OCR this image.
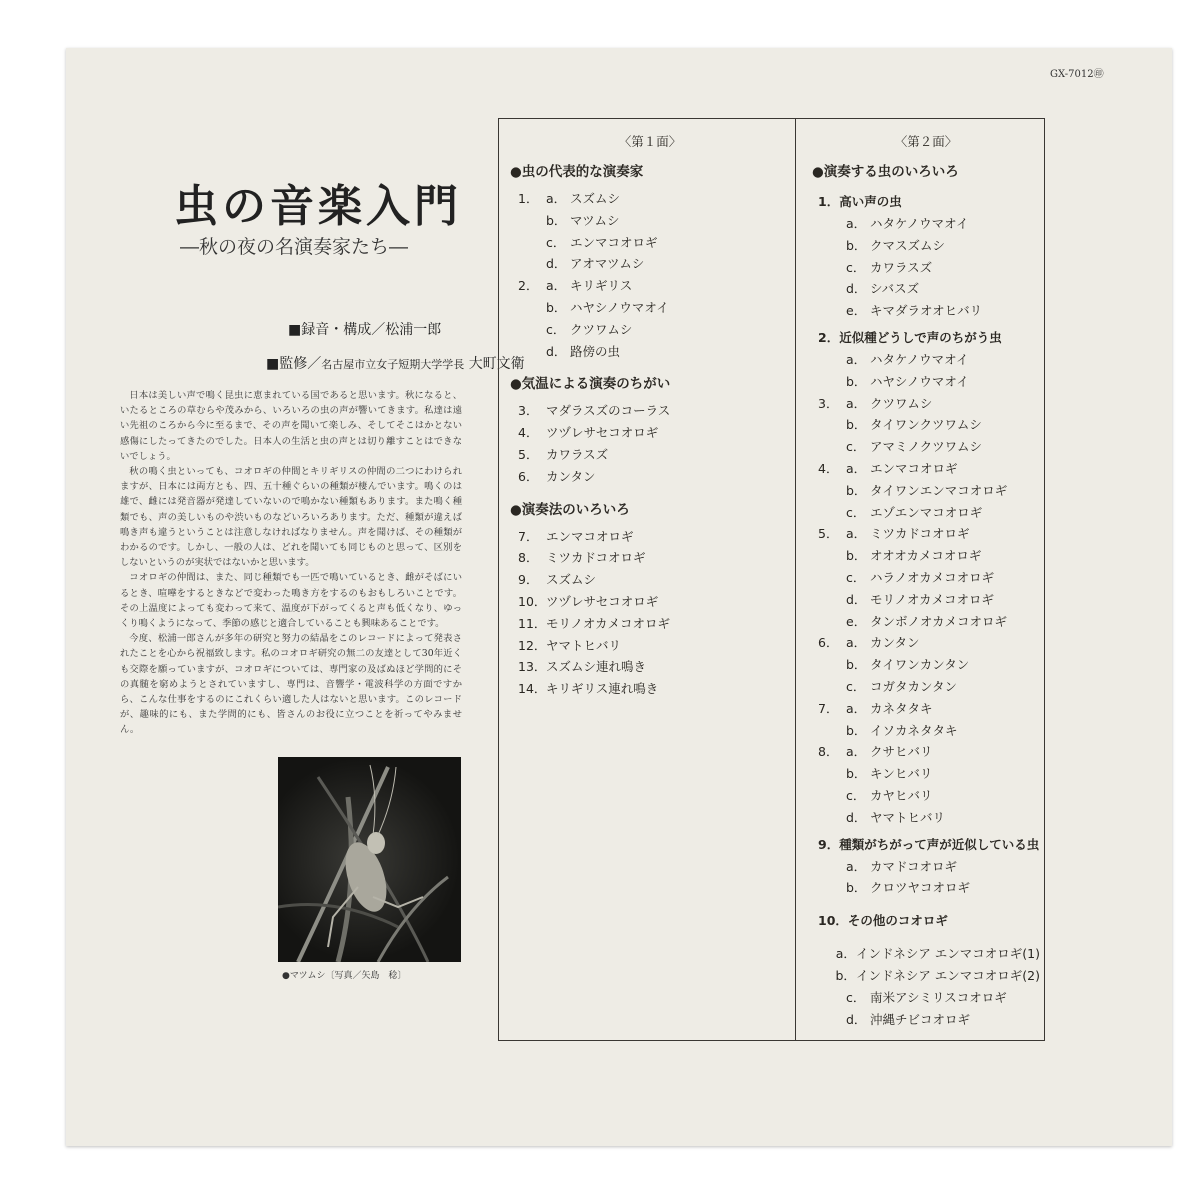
GX-7012㊞
虫の音楽入門
―秋の夜の名演奏家たち―
■録音・構成／松浦一郎
■監修／名古屋市立女子短期大学学長 大町文衛

日本は美しい声で鳴く昆虫に恵まれている国であると思います。秋になると、いたるところの草むらや茂みから、いろいろの虫の声が響いてきます。私達は遠い先祖のころから今に至るまで、その声を聞いて楽しみ、そしてそこはかとない感傷にしたってきたのでした。日本人の生活と虫の声とは切り離すことはできないでしょう。

秋の鳴く虫といっても、コオロギの仲間とキリギリスの仲間の二つにわけられますが、日本には両方とも、四、五十種ぐらいの種類が棲んでいます。鳴くのは雄で、雌には発音器が発達していないので鳴かない種類もあります。また鳴く種類でも、声の美しいものや渋いものなどいろいろあります。ただ、種類が違えば鳴き声も違うということは注意しなければなりません。声を聞けば、その種類がわかるのです。しかし、一般の人は、どれを聞いても同じものと思って、区別をしないというのが実状ではないかと思います。

コオロギの仲間は、また、同じ種類でも一匹で鳴いているとき、雌がそばにいるとき、喧嘩をするときなどで変わった鳴き方をするのもおもしろいことです。その上温度によっても変わって来て、温度が下がってくると声も低くなり、ゆっくり鳴くようになって、季節の感じと適合していることも興味あることです。

今度、松浦一郎さんが多年の研究と努力の結晶をこのレコードによって発表されたことを心から祝福致します。私のコオロギ研究の無二の友達として30年近くも交際を願っていますが、コオロギについては、専門家の及ばぬほど学問的にその真髄を窮めようとされていますし、専門は、音響学・電波科学の方面ですから、こんな仕事をするのにこれくらい適した人はないと思います。このレコードが、趣味的にも、また学問的にも、皆さんのお役に立つことを祈ってやみません。

●マツムシ〔写真／矢島　稔〕
〈第１面〉
●虫の代表的な演奏家
1． a． スズムシ
b． マツムシ
c． エンマコオロギ
d． アオマツムシ
2． a． キリギリス
b． ハヤシノウマオイ
c． クツワムシ
d． 路傍の虫
●気温による演奏のちがい
3． マダラスズのコーラス
4． ツヅレサセコオロギ
5． カワラスズ
6． カンタン
●演奏法のいろいろ
7． エンマコオロギ
8． ミツカドコオロギ
9． スズムシ
10． ツヅレサセコオロギ
11． モリノオカメコオロギ
12． ヤマトヒバリ
13． スズムシ連れ鳴き
14． キリギリス連れ鳴き
〈第２面〉
●演奏する虫のいろいろ
1．高い声の虫
a． ハタケノウマオイ
b． クマスズムシ
c． カワラスズ
d． シバスズ
e． キマダラオオヒバリ
2．近似種どうしで声のちがう虫
a． ハタケノウマオイ
b． ハヤシノウマオイ
3． a． クツワムシ
b． タイワンクツワムシ
c． アマミノクツワムシ
4． a． エンマコオロギ
b． タイワンエンマコオロギ
c． エゾエンマコオロギ
5． a． ミツカドコオロギ
b． オオオカメコオロギ
c． ハラノオカメコオロギ
d． モリノオカメコオロギ
e． タンボノオカメコオロギ
6． a． カンタン
b． タイワンカンタン
c． コガタカンタン
7． a． カネタタキ
b． イソカネタタキ
8． a． クサヒバリ
b． キンヒバリ
c． カヤヒバリ
d． ヤマトヒバリ
9．種類がちがって声が近似している虫
a． カマドコオロギ
b． クロツヤコオロギ
10．その他のコオロギ
a． インドネシア エンマコオロギ(1)
b． インドネシア エンマコオロギ(2)
c． 南米アシミリスコオロギ
d． 沖縄チビコオロギ
